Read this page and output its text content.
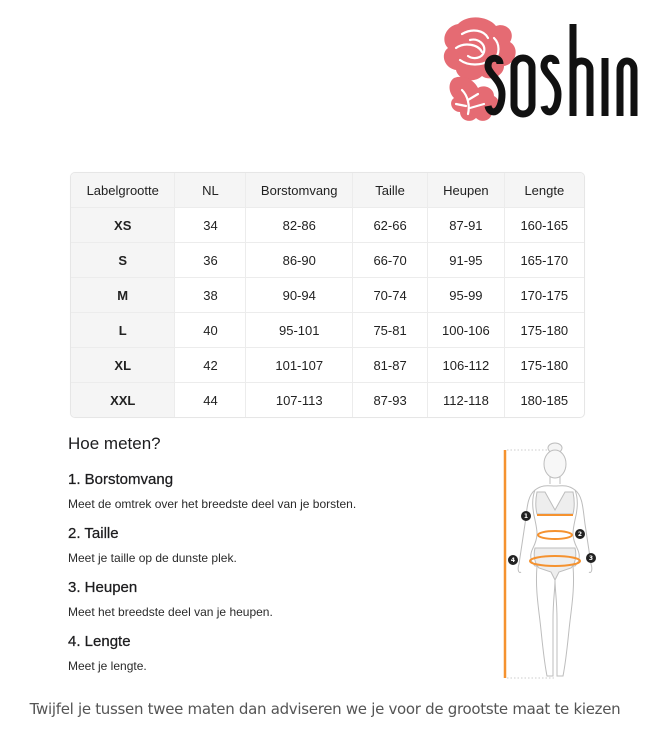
Labelgrootte	NL	Borstomvang	Taille	Heupen	Lengte
XS	34	82-86	62-66	87-91	160-165
S	36	86-90	66-70	91-95	165-170
M	38	90-94	70-74	95-99	170-175
L	40	95-101	75-81	100-106	175-180
XL	42	101-107	81-87	106-112	175-180
XXL	44	107-113	87-93	112-118	180-185
Hoe meten?
1. Borstomvang

Meet de omtrek over het breedste deel van je borsten.

2. Taille

Meet je taille op de dunste plek.

3. Heupen

Meet het breedste deel van je heupen.

4. Lengte

Meet je lengte.

1
2
3
4
Twijfel je tussen twee maten dan adviseren we je voor de grootste maat te kiezen
